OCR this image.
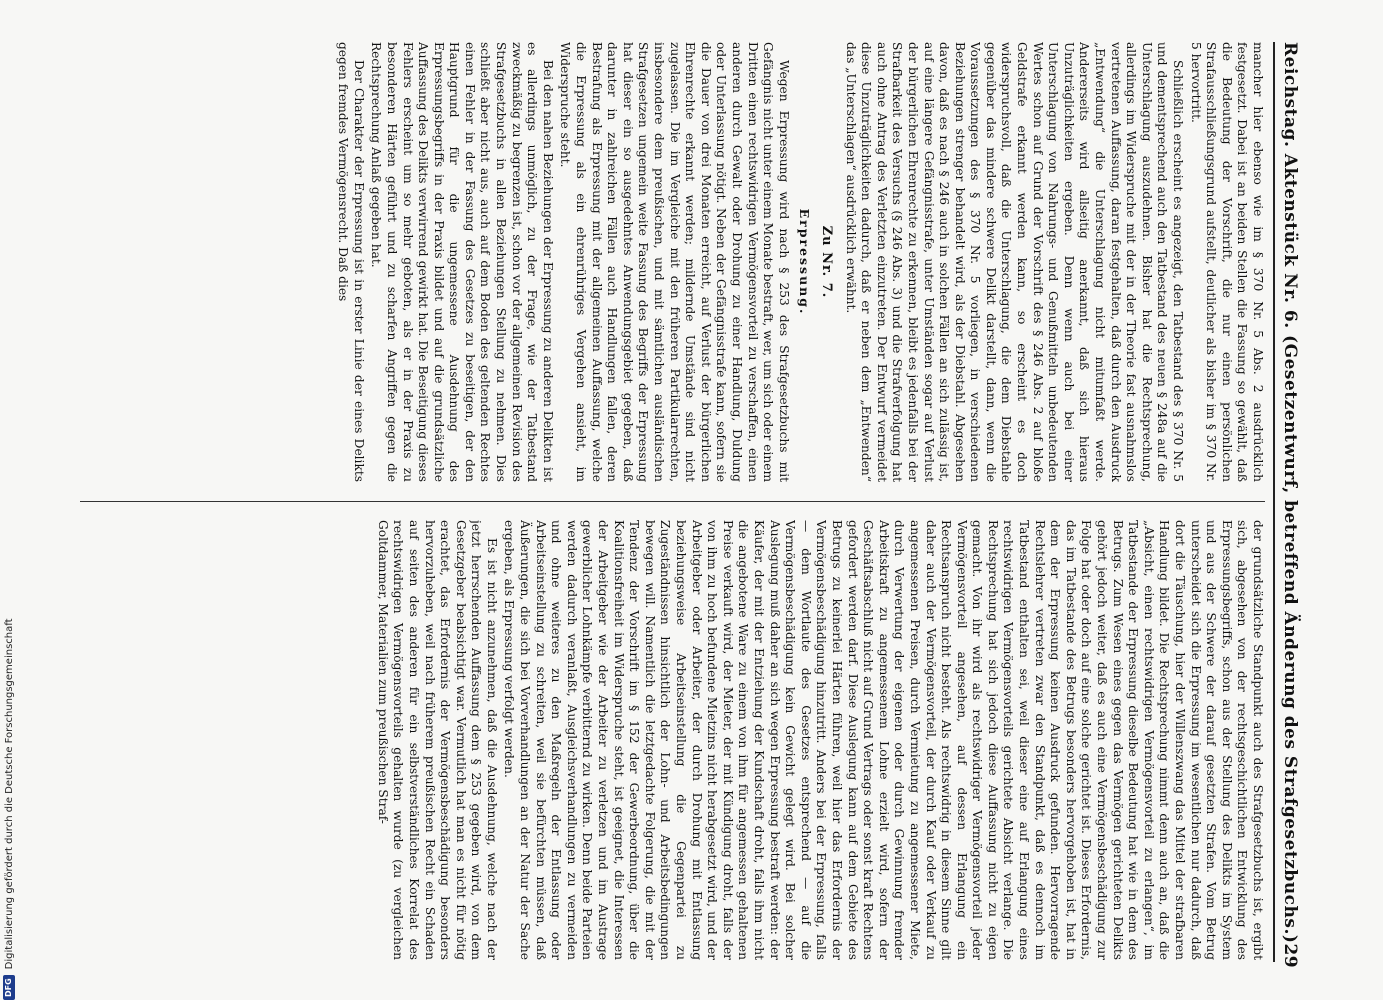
Reichstag. Aktenstück Nr. 6. (Gesetzentwurf, betreffend Änderung des Strafgesetzbuchs.)
29

mancher hier ebenso wie im § 370 Nr. 5 Abs. 2 ausdrücklich festgesetzt. Dabei ist an beiden Stellen die Fassung so gewählt, daß die Bedeutung der Vorschrift, die nur einen persönlichen Strafausschließungsgrund aufstellt, deutlicher als bisher im § 370 Nr. 5 hervortritt.

Schließlich erscheint es angezeigt, den Tatbestand des § 370 Nr. 5 und dementsprechend auch den Tatbestand des neuen § 248a auf die Unterschlagung auszudehnen. Bisher hat die Rechtsprechung, allerdings im Widerspruche mit der in der Theorie fast ausnahmslos vertretenen Auffassung, daran festgehalten, daß durch den Ausdruck „Entwendung“ die Unterschlagung nicht mitumfaßt werde. Andererseits wird allseitig anerkannt, daß sich hieraus Unzuträglichkeiten ergeben. Denn wenn auch bei einer Unterschlagung von Nahrungs- und Genußmitteln unbedeutenden Wertes schon auf Grund der Vorschrift des § 246 Abs. 2 auf bloße Geldstrafe erkannt werden kann, so erscheint es doch widerspruchsvoll, daß die Unterschlagung, die dem Diebstahle gegenüber das mindere schwere Delikt darstellt, dann, wenn die Voraussetzungen des § 370 Nr. 5 vorliegen, in verschiedenen Beziehungen strenger behandelt wird, als der Diebstahl. Abgesehen davon, daß es nach § 246 auch in solchen Fällen an sich zulässig ist, auf eine längere Gefängnisstrafe, unter Umständen sogar auf Verlust der bürgerlichen Ehrenrechte zu erkennen, bleibt es jedenfalls bei der Strafbarkeit des Versuchs (§ 246 Abs. 3) und die Strafverfolgung hat auch ohne Antrag des Verletzten einzutreten. Der Entwurf vermeidet diese Unzuträglichkeiten dadurch, daß er neben dem „Entwenden“ das „Unterschlagen“ ausdrücklich erwähnt.

Zu Nr. 7.
Erpressung.

Wegen Erpressung wird nach § 253 des Strafgesetzbuchs mit Gefängnis nicht unter einem Monate bestraft, wer, um sich oder einem Dritten einen rechtswidrigen Vermögensvorteil zu verschaffen, einen anderen durch Gewalt oder Drohung zu einer Handlung, Duldung oder Unterlassung nötigt. Neben der Gefängnisstrafe kann, sofern sie die Dauer von drei Monaten erreicht, auf Verlust der bürgerlichen Ehrenrechte erkannt werden; mildernde Umstände sind nicht zugelassen. Die im Vergleiche mit den früheren Partikularrechten, insbesondere dem preußischen, und mit sämtlichen ausländischen Strafgesetzen ungemein weite Fassung des Begriffs der Erpressung hat dieser ein so ausgedehntes Anwendungsgebiet gegeben, daß darunter in zahlreichen Fällen auch Handlungen fallen, deren Bestrafung als Erpressung mit der allgemeinen Auffassung, welche die Erpressung als ein ehrenrühriges Vergehen ansieht, im Widerspruche steht.

Bei den nahen Beziehungen der Erpressung zu anderen Delikten ist es allerdings unmöglich, zu der Frage, wie der Tatbestand zweckmäßig zu begrenzen ist, schon vor der allgemeinen Revision des Strafgesetzbuchs in allen Beziehungen Stellung zu nehmen. Dies schließt aber nicht aus, auch auf dem Boden des geltenden Rechtes einen Fehler in der Fassung des Gesetzes zu beseitigen, der den Hauptgrund für die ungemessene Ausdehnung des Erpressungsbegriffs in der Praxis bildet und auf die grundsätzliche Auffassung des Delikts verwirrend gewirkt hat. Die Beseitigung dieses Fehlers erscheint um so mehr geboten, als er in der Praxis zu besonderen Härten geführt und zu scharfen Angriffen gegen die Rechtsprechung Anlaß gegeben hat.

Der Charakter der Erpressung ist in erster Linie der eines Delikts gegen fremdes Vermögensrecht. Daß dies

der grundsätzliche Standpunkt auch des Strafgesetzbuchs ist, ergibt sich, abgesehen von der rechtsgeschichtlichen Entwicklung des Erpressungsbegriffs, schon aus der Stellung des Delikts im System und aus der Schwere der darauf gesetzten Strafen. Vom Betrug unterscheidet sich die Erpressung im wesentlichen nur dadurch, daß dort die Täuschung, hier der Willenszwang das Mittel der strafbaren Handlung bildet. Die Rechtsprechung nimmt denn auch an, daß die „Absicht, einen rechtswidrigen Vermögensvorteil zu erlangen“, im Tatbestande der Erpressung dieselbe Bedeutung hat wie in dem des Betrugs. Zum Wesen eines gegen das Vermögen gerichteten Delikts gehört jedoch weiter, daß es auch eine Vermögensbeschädigung zur Folge hat oder doch auf eine solche gerichtet ist. Dieses Erfordernis, das im Tatbestande des Betrugs besonders hervorgehoben ist, hat in dem der Erpressung keinen Ausdruck gefunden. Hervorragende Rechtslehrer vertreten zwar den Standpunkt, daß es dennoch im Tatbestand enthalten sei, weil dieser eine auf Erlangung eines rechtswidrigen Vermögensvorteils gerichtete Absicht verlange. Die Rechtsprechung hat sich jedoch diese Auffassung nicht zu eigen gemacht. Von ihr wird als rechtswidriger Vermögensvorteil jeder Vermögensvorteil angesehen, auf dessen Erlangung ein Rechtsanspruch nicht besteht. Als rechtswidrig in diesem Sinne gilt daher auch der Vermögensvorteil, der durch Kauf oder Verkauf zu angemessenen Preisen, durch Vermietung zu angemessener Miete, durch Verwertung der eigenen oder durch Gewinnung fremder Arbeitskraft zu angemessenem Lohne erzielt wird, sofern der Geschäftsabschluß nicht auf Grund Vertrags oder sonst kraft Rechtens gefordert werden darf. Diese Auslegung kann auf dem Gebiete des Betrugs zu keinerlei Härten führen, weil hier das Erfordernis der Vermögensbeschädigung hinzutritt. Anders bei der Erpressung, falls — dem Wortlaute des Gesetzes entsprechend — auf die Vermögensbeschädigung kein Gewicht gelegt wird. Bei solcher Auslegung muß daher an sich wegen Erpressung bestraft werden: der Käufer, der mit der Entziehung der Kundschaft droht, falls ihm nicht die angebotene Ware zu einem von ihm für angemessen gehaltenen Preise verkauft wird, der Mieter, der mit Kündigung droht, falls der von ihm zu hoch befundene Mietzins nicht herabgesetzt wird, und der Arbeitgeber oder Arbeiter, der durch Drohung mit Entlassung beziehungsweise Arbeitseinstellung die Gegenpartei zu Zugeständnissen hinsichtlich der Lohn- und Arbeitsbedingungen bewegen will. Namentlich die letztgedachte Folgerung, die mit der Tendenz der Vorschrift im § 152 der Gewerbeordnung, über die Koalitionsfreiheit im Widerspruche steht, ist geeignet, die Interessen der Arbeitgeber wie der Arbeiter zu verletzen und im Austrage gewerblicher Lohnkämpfe verbitternd zu wirken. Denn beide Parteien werden dadurch veranlaßt, Ausgleichsverhandlungen zu vermeiden und ohne weiteres zu den Maßregeln der Entlassung oder Arbeitseinstellung zu schreiten, weil sie befürchten müssen, daß Äußerungen, die sich bei Vorverhandlungen an der Natur der Sache ergeben, als Erpressung verfolgt werden.

Es ist nicht anzunehmen, daß die Ausdehnung, welche nach der jetzt herrschenden Auffassung dem § 253 gegeben wird, von dem Gesetzgeber beabsichtigt war. Vermutlich hat man es nicht für nötig erachtet, das Erfordernis der Vermögensbeschädigung besonders hervorzuheben, weil nach früherem preußischen Recht ein Schaden auf seiten des anderen für ein selbstverständliches Korrelat des rechtswidrigen Vermögensvorteils gehalten wurde (zu vergleichen Goltdammer, Materialien zum preußischen Straf-

DFG
Digitalisierung gefördert durch die Deutsche Forschungsgemeinschaft
